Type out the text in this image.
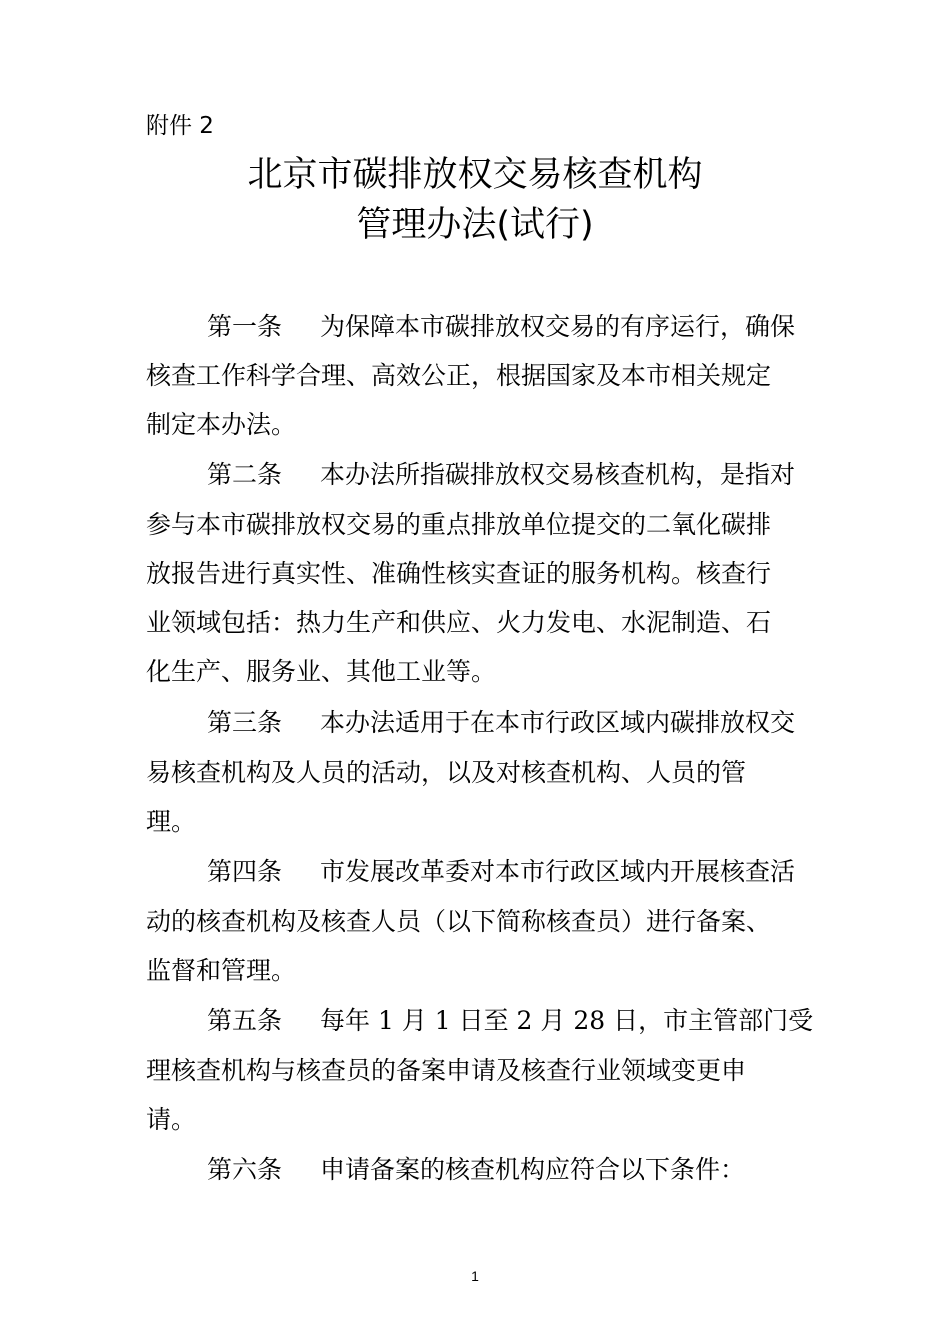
附件 2
北京市碳排放权交易核查机构
管理办法(试行)
第一条 为保障本市碳排放权交易的有序运行，确保
核查工作科学合理、高效公正，根据国家及本市相关规定
制定本办法。
第二条 本办法所指碳排放权交易核查机构，是指对
参与本市碳排放权交易的重点排放单位提交的二氧化碳排
放报告进行真实性、准确性核实查证的服务机构。核查行
业领域包括：热力生产和供应、火力发电、水泥制造、石
化生产、服务业、其他工业等。
第三条 本办法适用于在本市行政区域内碳排放权交
易核查机构及人员的活动，以及对核查机构、人员的管
理。
第四条 市发展改革委对本市行政区域内开展核查活
动的核查机构及核查人员（以下简称核查员）进行备案、
监督和管理。
第五条 每年 1 月 1 日至 2 月 28 日，市主管部门受
理核查机构与核查员的备案申请及核查行业领域变更申
请。
第六条 申请备案的核查机构应符合以下条件：
1
